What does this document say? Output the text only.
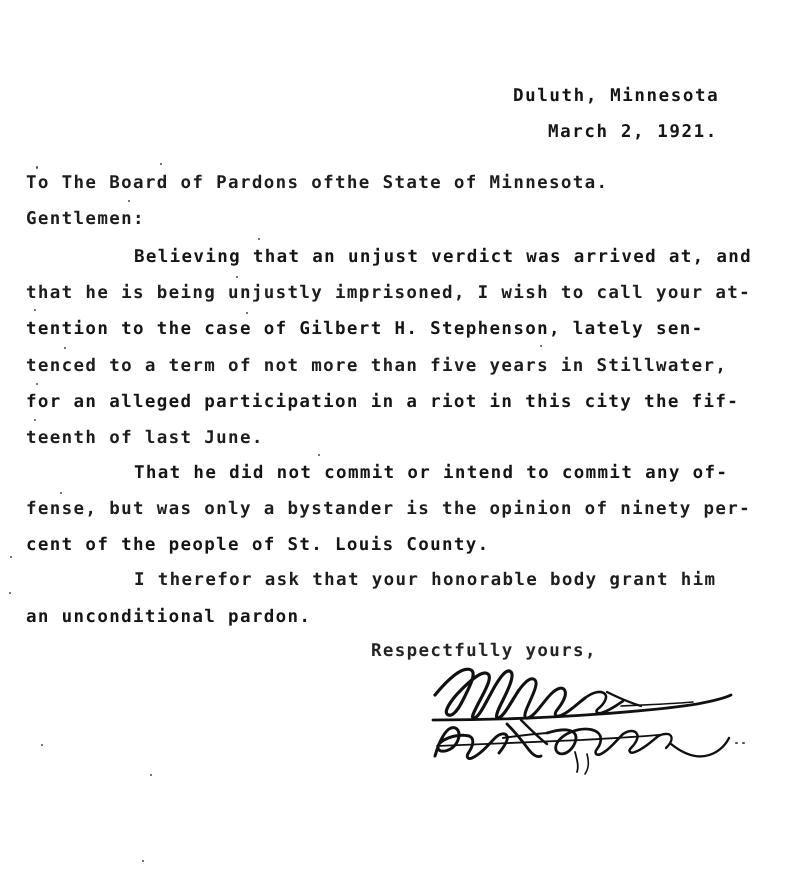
Duluth, Minnesota
March 2, 1921.
To The Board of Pardons ofthe State of Minnesota.
Gentlemen:
Believing that an unjust verdict was arrived at, and
that he is being unjustly imprisoned, I wish to call your at-
tention to the case of Gilbert H. Stephenson, lately sen-
tenced to a term of not more than five years in Stillwater,
for an alleged participation in a riot in this city the fif-
teenth of last June.
That he did not commit or intend to commit any of-
fense, but was only a bystander is the opinion of ninety per-
cent of the people of St. Louis County.
I therefor ask that your honorable body grant him
an unconditional pardon.
Respectfully yours,
